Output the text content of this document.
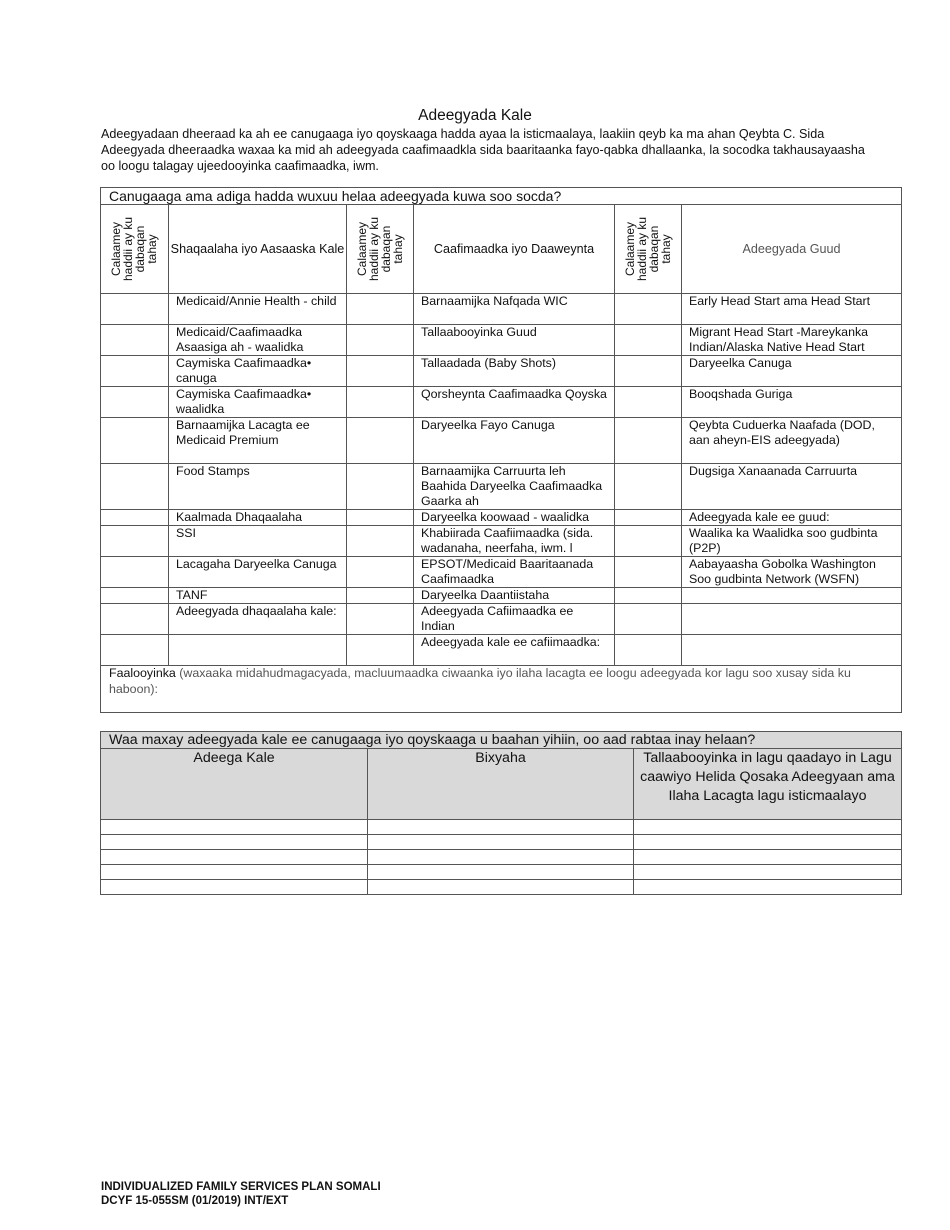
Adeegyada Kale
Adeegyadaan dheeraad ka ah ee canugaaga iyo qoyskaaga hadda ayaa la isticmaalaya, laakiin qeyb ka ma ahan Qeybta C. Sida Adeegyada dheeraadka waxaa ka mid ah adeegyada caafimaadkla sida baaritaanka fayo-qabka dhallaanka, la socodka takhausayaasha oo loogu talagay ujeedooyinka caafimaadka, iwm.
Canugaaga ama adiga hadda wuxuu helaa adeegyada kuwa soo socda?					

Calaamey
haddii ay ku
dabaqan
tahay	Shaqaalaha iyo Aasaaska Kale	Calaamey
haddii ay ku
dabaqan
tahay	Caafimaadka iyo Daaweynta	Calaamey
haddii ay ku
dabaqan
tahay	Adeegyada Guud
	Medicaid/Annie Health - child		Barnaamijka Nafqada WIC		Early Head Start ama Head Start
	Medicaid/Caafimaadka Asaasiga ah - waalidka		Tallaabooyinka Guud		Migrant Head Start -Mareykanka Indian/Alaska Native Head Start
	Caymiska Caafimaadka• canuga		Tallaadada (Baby Shots)		Daryeelka Canuga
	Caymiska Caafimaadka• waalidka		Qorsheynta Caafimaadka Qoyska		Booqshada Guriga
	Barnaamijka Lacagta ee Medicaid Premium		Daryeelka Fayo Canuga		Qeybta Cuduerka Naafada (DOD, aan aheyn-EIS adeegyada)
	Food Stamps		Barnaamijka Carruurta leh Baahida Daryeelka Caafimaadka Gaarka ah		Dugsiga Xanaanada Carruurta
	Kaalmada Dhaqaalaha		Daryeelka koowaad - waalidka		Adeegyada kale ee guud:
	SSI		Khabiirada Caafiimaadka (sida. wadanaha, neerfaha, iwm. l		Waalika ka Waalidka soo gudbinta (P2P)
	Lacagaha Daryeelka Canuga		EPSOT/Medicaid Baaritaanada Caafimaadka		Aabayaasha Gobolka Washington Soo gudbinta Network (WSFN)
	TANF		Daryeelka Daantiistaha		
	Adeegyada dhaqaalaha kale:		Adeegyada Cafiimaadka ee Indian		
			Adeegyada kale ee cafiimaadka:		
Faalooyinka (waxaaka midahudmagacyada, macluumaadka ciwaanka iyo ilaha lacagta ee loogu adeegyada kor lagu soo xusay sida ku haboon):					
Waa maxay adeegyada kale ee canugaaga iyo qoyskaaga u baahan yihiin, oo aad rabtaa inay helaan?		
Adeega Kale	Bixyaha	Tallaabooyinka in lagu qaadayo in Lagu caawiyo Helida Qosaka Adeegyaan ama Ilaha Lacagta lagu isticmaalayo

INDIVIDUALIZED FAMILY SERVICES PLAN SOMALI
DCYF 15-055SM (01/2019) INT/EXT
